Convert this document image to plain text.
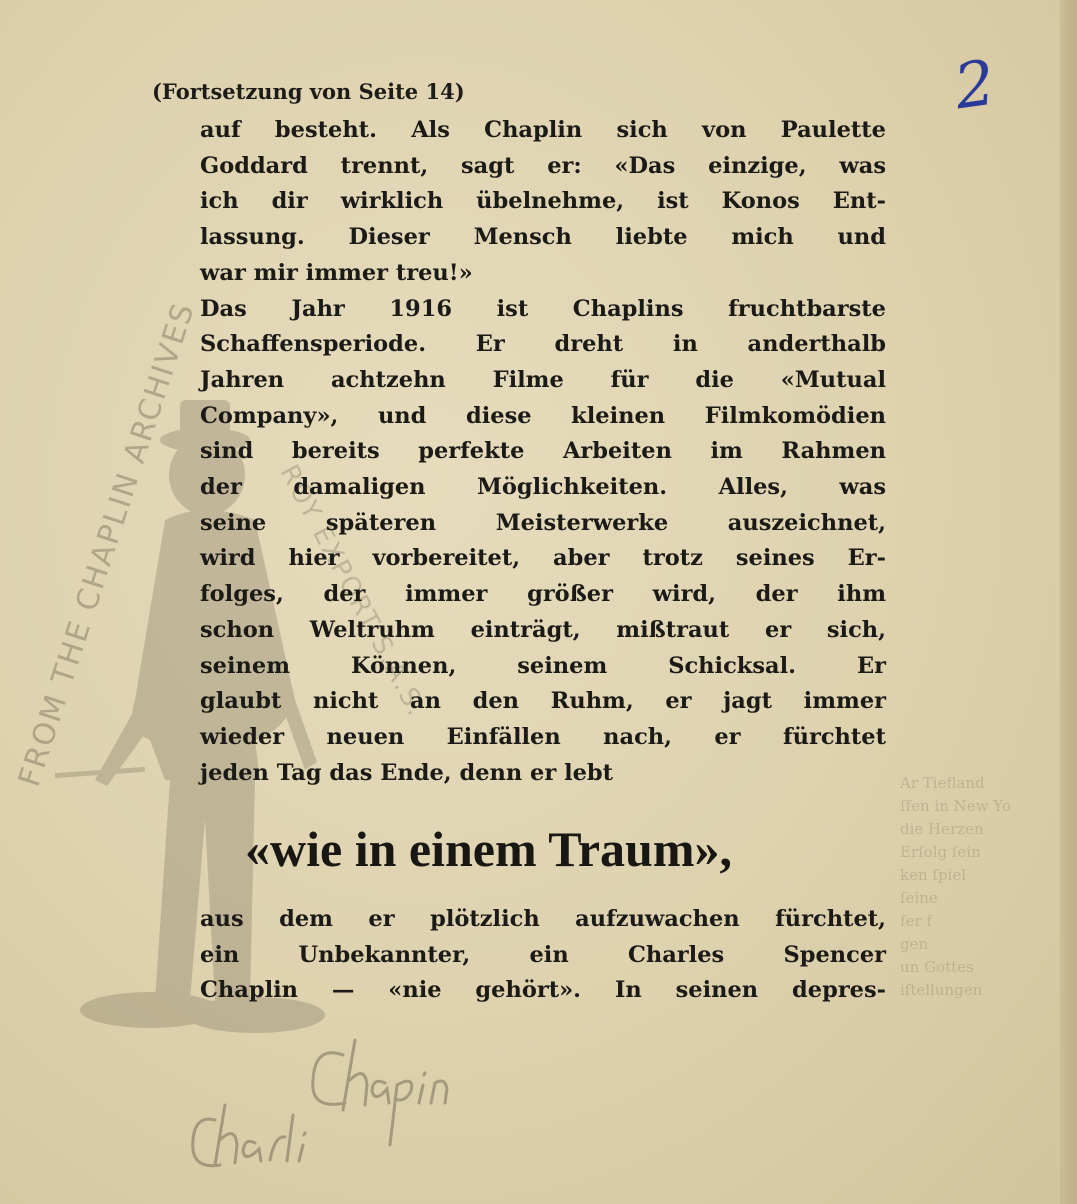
FROM THE CHAPLIN ARCHIVES	ROY EXPORT S.A.S.
Ar Tiefland
ſfen in New Yo
die Herzen
Erſolg ſein
ken ſpiel
ſeine
fer f
gen
un Gottes
iſtellungen
2
(Fortsetzung von Seite 14)
auf besteht. Als Chaplin sich von Paulette
Goddard trennt, sagt er: «Das einzige, was
ich dir wirklich übelnehme, ist Konos Ent-
lassung. Dieser Mensch liebte mich und
war mir immer treu!»
Das Jahr 1916 ist Chaplins fruchtbarste
Schaffensperiode. Er dreht in anderthalb
Jahren achtzehn Filme für die «Mutual
Company», und diese kleinen Filmkomödien
sind bereits perfekte Arbeiten im Rahmen
der damaligen Möglichkeiten. Alles, was
seine späteren Meisterwerke auszeichnet,
wird hier vorbereitet, aber trotz seines Er-
folges, der immer größer wird, der ihm
schon Weltruhm einträgt, mißtraut er sich,
seinem Können, seinem Schicksal. Er
glaubt nicht an den Ruhm, er jagt immer
wieder neuen Einfällen nach, er fürchtet
jeden Tag das Ende, denn er lebt
«wie in einem Traum»,
aus dem er plötzlich aufzuwachen fürchtet,
ein Unbekannter, ein Charles Spencer
Chaplin — «nie gehört». In seinen depres-
